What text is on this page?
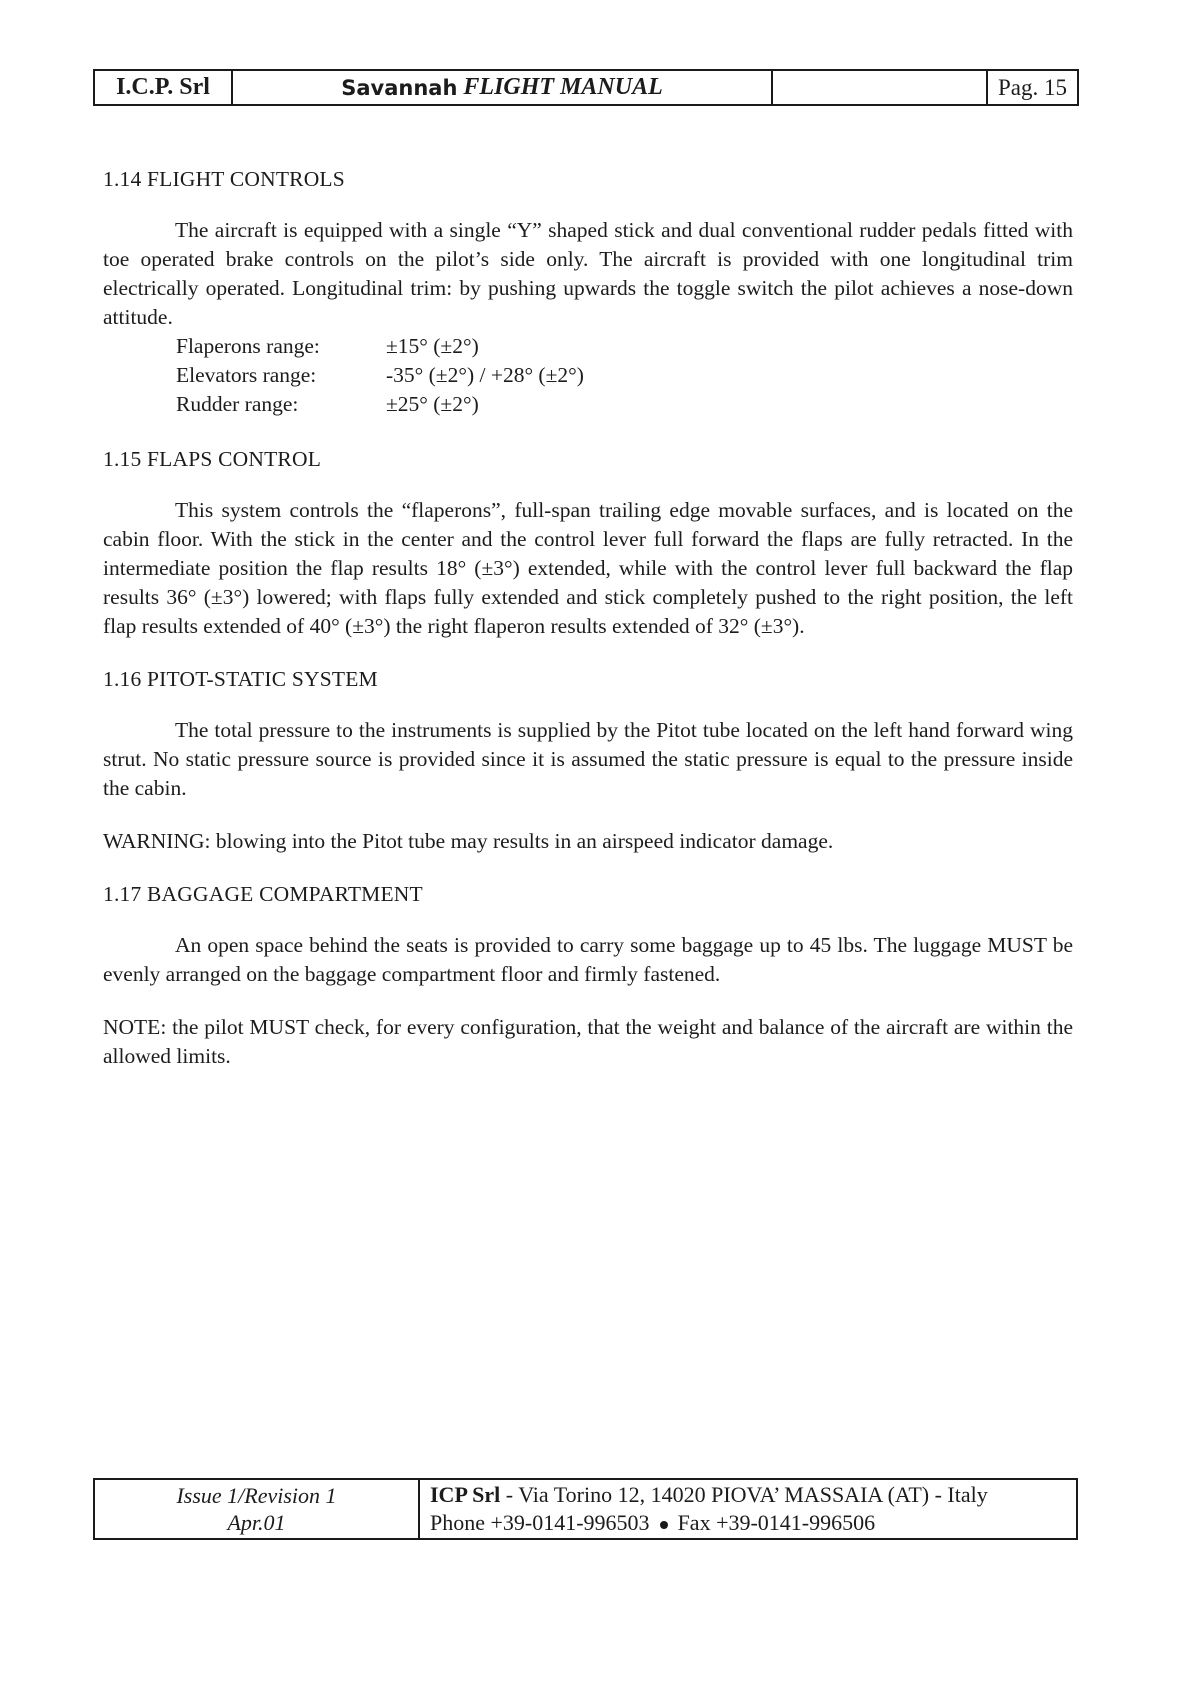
I.C.P. Srl	Savannah FLIGHT MANUAL	Pag. 15
1.14 FLIGHT CONTROLS

The aircraft is equipped with a single “Y” shaped stick and dual conventional rudder pedals fitted with toe operated brake controls on the pilot’s side only. The aircraft is provided with one longitudinal trim electrically operated. Longitudinal trim: by pushing upwards the toggle switch the pilot achieves a nose-down attitude.

Flaperons range:	±15° (±2°)
Elevators range:	-35° (±2°) / +28° (±2°)
Rudder range:	±25° (±2°)
1.15 FLAPS CONTROL

This system controls the “flaperons”, full-span trailing edge movable surfaces, and is located on the cabin floor. With the stick in the center and the control lever full forward the flaps are fully retracted. In the intermediate position the flap results 18° (±3°) extended, while with the control lever full backward the flap results 36° (±3°) lowered; with flaps fully extended and stick completely pushed to the right position, the left flap results extended of 40° (±3°) the right flaperon results extended of 32° (±3°).

1.16 PITOT-STATIC SYSTEM

The total pressure to the instruments is supplied by the Pitot tube located on the left hand forward wing strut. No static pressure source is provided since it is assumed the static pressure is equal to the pressure inside the cabin.

WARNING: blowing into the Pitot tube may results in an airspeed indicator damage.

1.17 BAGGAGE COMPARTMENT

An open space behind the seats is provided to carry some baggage up to 45 lbs. The luggage MUST be evenly arranged on the baggage compartment floor and firmly fastened.

NOTE: the pilot MUST check, for every configuration, that the weight and balance of the aircraft are within the allowed limits.

Issue 1/Revision 1
Apr.01
ICP Srl - Via Torino 12, 14020 PIOVA’ MASSAIA (AT) - Italy
Phone +39-0141-996503 Fax +39-0141-996506
